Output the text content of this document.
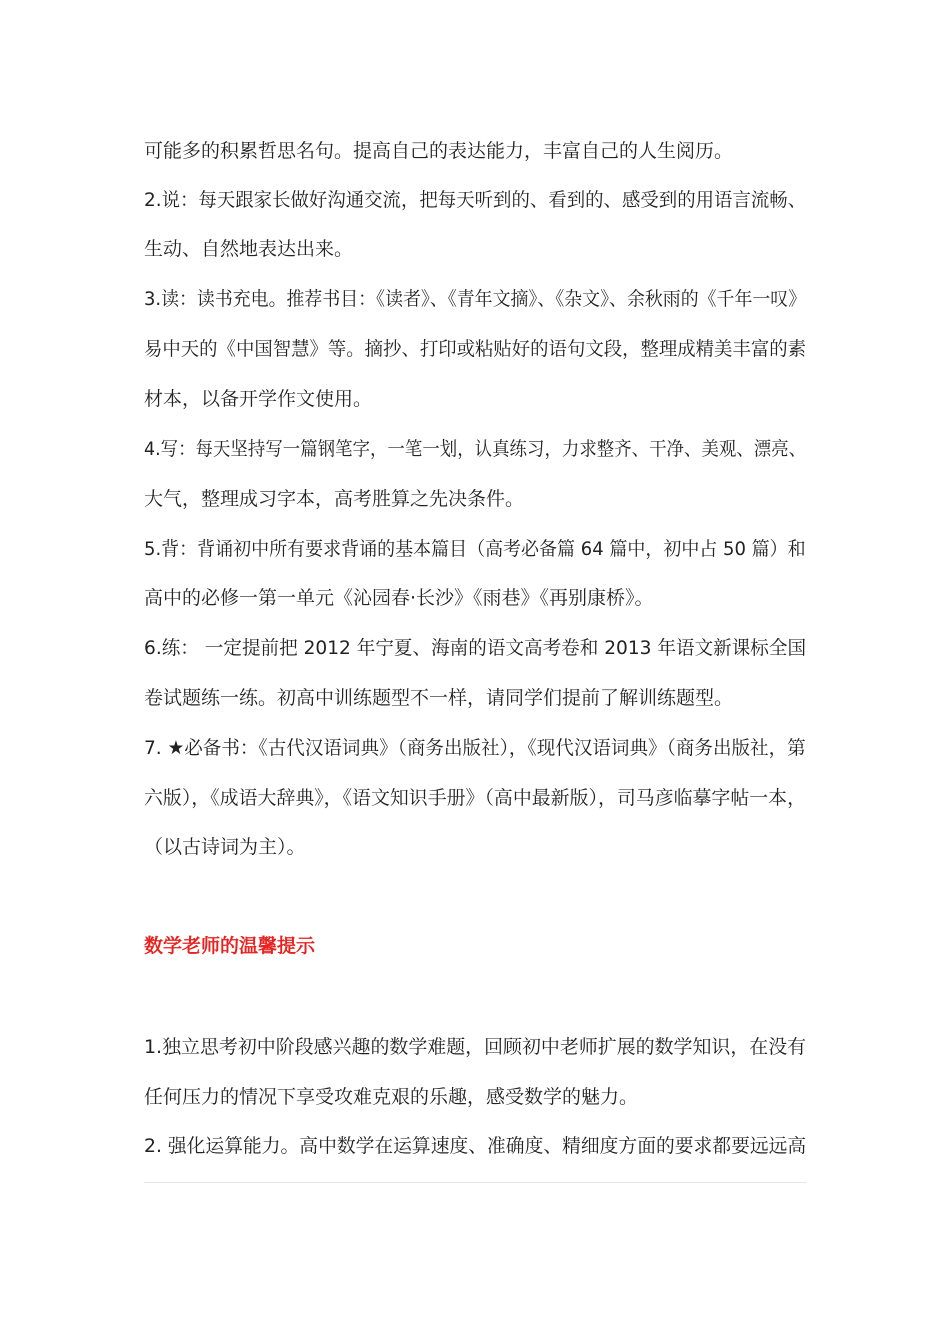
可能多的积累哲思名句。提高自己的表达能力，丰富自己的人生阅历。
2.说：每天跟家长做好沟通交流，把每天听到的、看到的、感受到的用语言流畅、
生动、自然地表达出来。
3.读：读书充电。推荐书目：《读者》、《青年文摘》、《杂文》、余秋雨的《千年一叹》
易中天的《中国智慧》等。摘抄、打印或粘贴好的语句文段，整理成精美丰富的素
材本，以备开学作文使用。
4.写：每天坚持写一篇钢笔字，一笔一划，认真练习，力求整齐、干净、美观、漂亮、
大气，整理成习字本，高考胜算之先决条件。
5.背：背诵初中所有要求背诵的基本篇目（高考必备篇 64 篇中，初中占 50 篇）和
高中的必修一第一单元《沁园春·长沙》《雨巷》《再别康桥》。
6.练： 一定提前把 2012 年宁夏、海南的语文高考卷和 2013 年语文新课标全国
卷试题练一练。初高中训练题型不一样，请同学们提前了解训练题型。
7. ★必备书：《古代汉语词典》（商务出版社），《现代汉语词典》（商务出版社，第
六版），《成语大辞典》，《语文知识手册》（高中最新版），司马彦临摹字帖一本，
（以古诗词为主）。
数学老师的温馨提示
1.独立思考初中阶段感兴趣的数学难题，回顾初中老师扩展的数学知识，在没有
任何压力的情况下享受攻难克艰的乐趣，感受数学的魅力。
2. 强化运算能力。高中数学在运算速度、准确度、精细度方面的要求都要远远高
